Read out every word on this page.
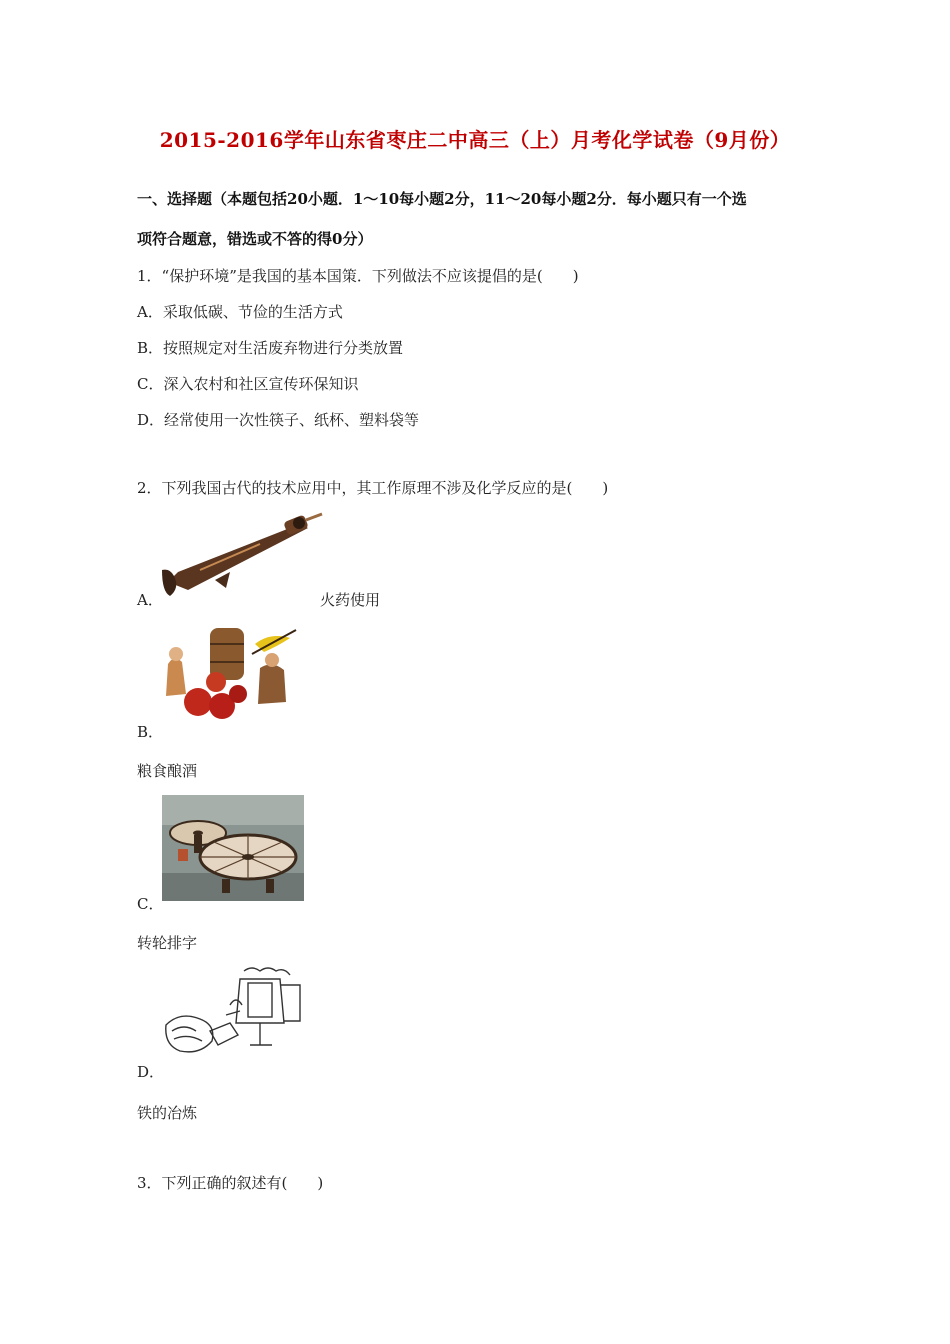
2015-2016学年山东省枣庄二中高三（上）月考化学试卷（9月份）
一、选择题（本题包括20小题．1～10每小题2分，11～20每小题2分．每小题只有一个选
项符合题意，错选或不答的得0分）
1．“保护环境”是我国的基本国策．下列做法不应该提倡的是(　　)
A．采取低碳、节俭的生活方式
B．按照规定对生活废弃物进行分类放置
C．深入农村和社区宣传环保知识
D．经常使用一次性筷子、纸杯、塑料袋等
2．下列我国古代的技术应用中，其工作原理不涉及化学反应的是(　　)
A．	火药使用
B．
粮食酿酒
C．
转轮排字
D．
铁的冶炼
3．下列正确的叙述有(　　)
